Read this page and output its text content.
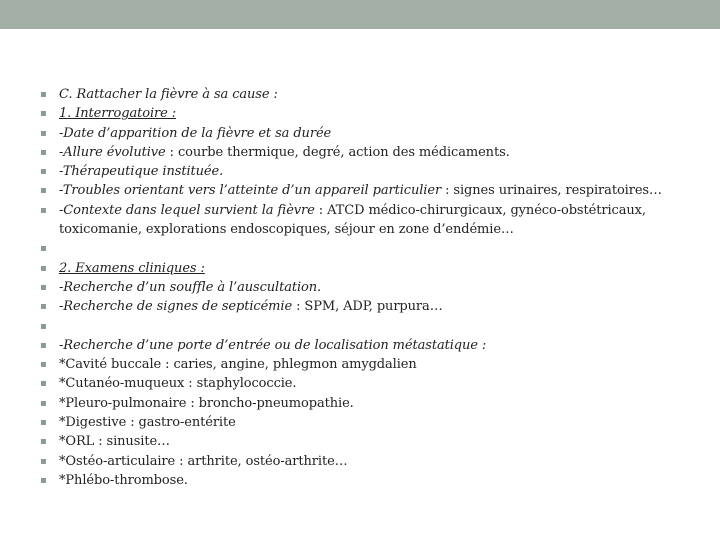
▪ C. Rattacher la fièvre à sa cause :
▪ 1. Interrogatoire :
▪ -Date d’apparition de la fièvre et sa durée
▪ -Allure évolutive : courbe thermique, degré, action des médicaments.
▪ -Thérapeutique instituée.
▪ -Troubles orientant vers l’atteinte d’un appareil particulier : signes urinaires, respiratoires…
▪ -Contexte dans lequel survient la fièvre : ATCD médico-chirurgicaux, gynéco-obstétricaux, toxicomanie, explorations endoscopiques, séjour en zone d’endémie…
▪
▪ 2. Examens cliniques :
▪ -Recherche d’un souffle à l’auscultation.
▪ -Recherche de signes de septicémie : SPM, ADP, purpura…
▪
▪ -Recherche d’une porte d’entrée ou de localisation métastatique :
▪ *Cavité buccale : caries, angine, phlegmon amygdalien
▪ *Cutanéo-muqueux : staphylococcie.
▪ *Pleuro-pulmonaire : broncho-pneumopathie.
▪ *Digestive : gastro-entérite
▪ *ORL : sinusite…
▪ *Ostéo-articulaire : arthrite, ostéo-arthrite…
▪ *Phlébo-thrombose.
